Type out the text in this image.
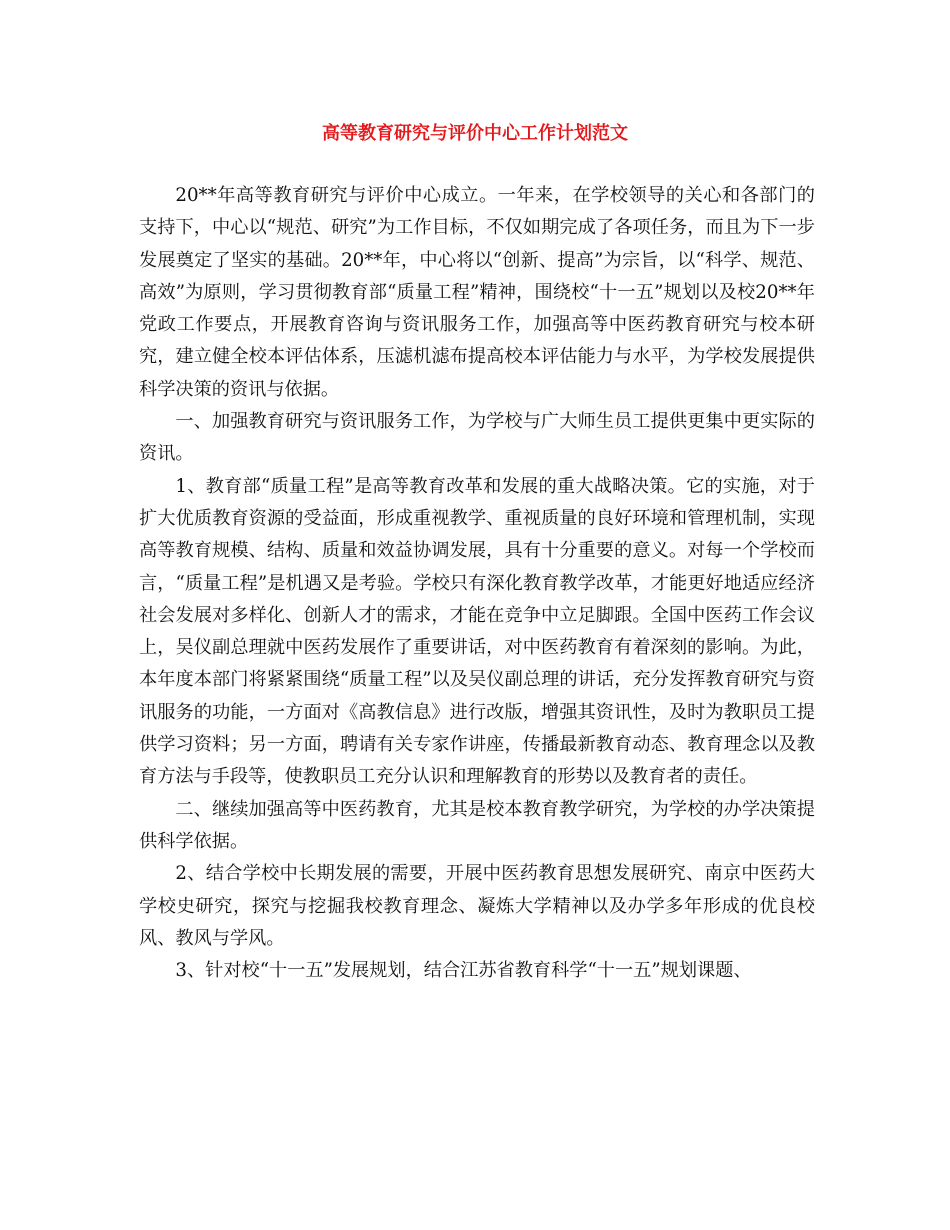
高等教育研究与评价中心工作计划范文

20**年高等教育研究与评价中心成立。一年来，在学校领导的关心和各部门的支持下，中心以“规范、研究”为工作目标，不仅如期完成了各项任务，而且为下一步发展奠定了坚实的基础。20**年，中心将以“创新、提高”为宗旨，以“科学、规范、高效”为原则，学习贯彻教育部“质量工程”精神，围绕校“十一五”规划以及校20**年党政工作要点，开展教育咨询与资讯服务工作，加强高等中医药教育研究与校本研究，建立健全校本评估体系，压滤机滤布提高校本评估能力与水平，为学校发展提供科学决策的资讯与依据。

一、加强教育研究与资讯服务工作，为学校与广大师生员工提供更集中更实际的资讯。

1、教育部“质量工程”是高等教育改革和发展的重大战略决策。它的实施，对于扩大优质教育资源的受益面，形成重视教学、重视质量的良好环境和管理机制，实现高等教育规模、结构、质量和效益协调发展，具有十分重要的意义。对每一个学校而言，“质量工程”是机遇又是考验。学校只有深化教育教学改革，才能更好地适应经济社会发展对多样化、创新人才的需求，才能在竞争中立足脚跟。全国中医药工作会议上，吴仪副总理就中医药发展作了重要讲话，对中医药教育有着深刻的影响。为此，本年度本部门将紧紧围绕“质量工程”以及吴仪副总理的讲话，充分发挥教育研究与资讯服务的功能，一方面对《高教信息》进行改版，增强其资讯性，及时为教职员工提供学习资料；另一方面，聘请有关专家作讲座，传播最新教育动态、教育理念以及教育方法与手段等，使教职员工充分认识和理解教育的形势以及教育者的责任。

二、继续加强高等中医药教育，尤其是校本教育教学研究，为学校的办学决策提供科学依据。

2、结合学校中长期发展的需要，开展中医药教育思想发展研究、南京中医药大学校史研究，探究与挖掘我校教育理念、凝炼大学精神以及办学多年形成的优良校风、教风与学风。

3、针对校“十一五”发展规划，结合江苏省教育科学“十一五”规划课题、
